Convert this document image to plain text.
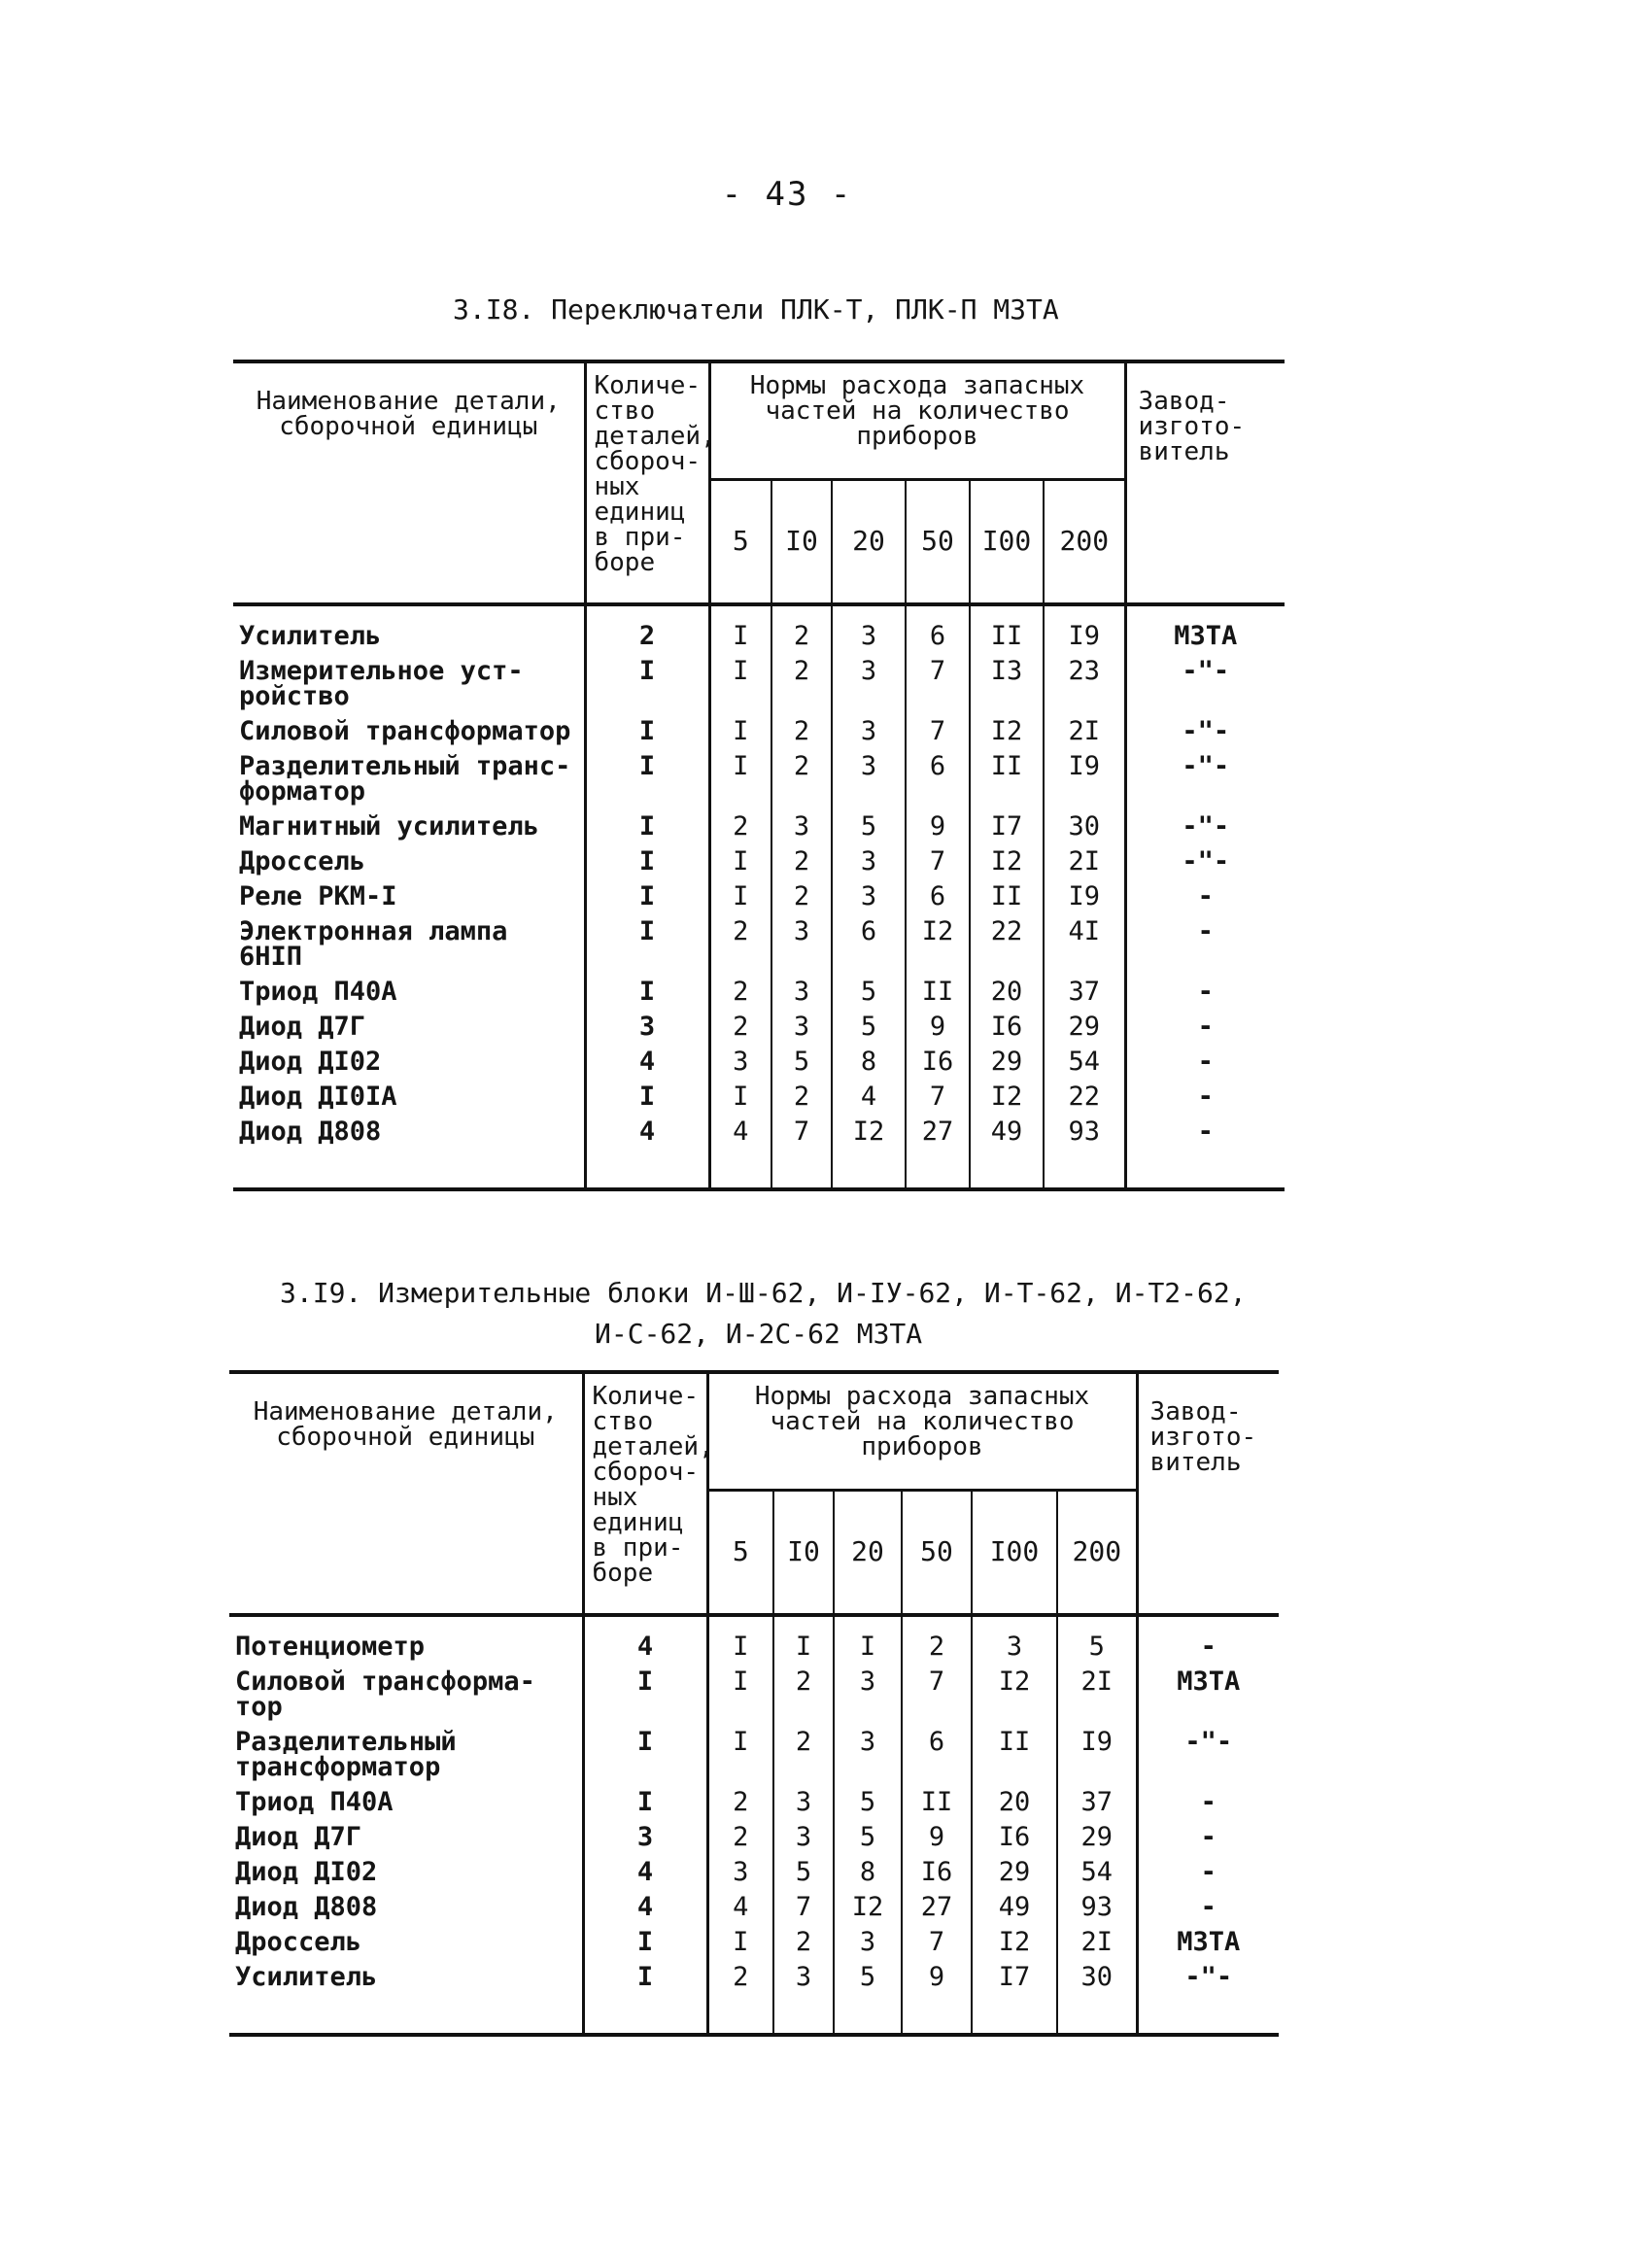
- 43 -
3.I8. Переключатели ПЛК-Т, ПЛК-П МЗТА
Наименование детали, сборочной единицы	Количе- ство деталей, сбороч- ных единиц в при- боре	Нормы расхода запасных частей на количество приборов						Завод- изгото- витель
		5	I0	20	50	I00	200	
Усилитель	2	I	2	3	6	II	I9	МЗТА
Измерительное уст- ройство	I	I	2	3	7	I3	23	-"-
Силовой трансформатор	I	I	2	3	7	I2	2I	-"-
Разделительный транс- форматор	I	I	2	3	6	II	I9	-"-
Магнитный усилитель	I	2	3	5	9	I7	30	-"-
Дроссель	I	I	2	3	7	I2	2I	-"-
Реле РКМ-I	I	I	2	3	6	II	I9	-
Электронная лампа 6НIП	I	2	3	6	I2	22	4I	-
Триод П40А	I	2	3	5	II	20	37	-
Диод Д7Г	3	2	3	5	9	I6	29	-
Диод ДI02	4	3	5	8	I6	29	54	-
Диод ДI0IА	I	I	2	4	7	I2	22	-
Диод Д808	4	4	7	I2	27	49	93	-
3.I9. Измерительные блоки И-Ш-62, И-IУ-62, И-Т-62, И-Т2-62,
И-С-62, И-2С-62 МЗТА
Наименование детали, сборочной единицы	Количе- ство деталей, сбороч- ных единиц в при- боре	Нормы расхода запасных частей на количество приборов						Завод- изгото- витель
		5	I0	20	50	I00	200	
Потенциометр	4	I	I	I	2	3	5	-
Силовой трансформа- тор	I	I	2	3	7	I2	2I	МЗТА
Разделительный трансформатор	I	I	2	3	6	II	I9	-"-
Триод П40А	I	2	3	5	II	20	37	-
Диод Д7Г	3	2	3	5	9	I6	29	-
Диод ДI02	4	3	5	8	I6	29	54	-
Диод Д808	4	4	7	I2	27	49	93	-
Дроссель	I	I	2	3	7	I2	2I	МЗТА
Усилитель	I	2	3	5	9	I7	30	-"-
